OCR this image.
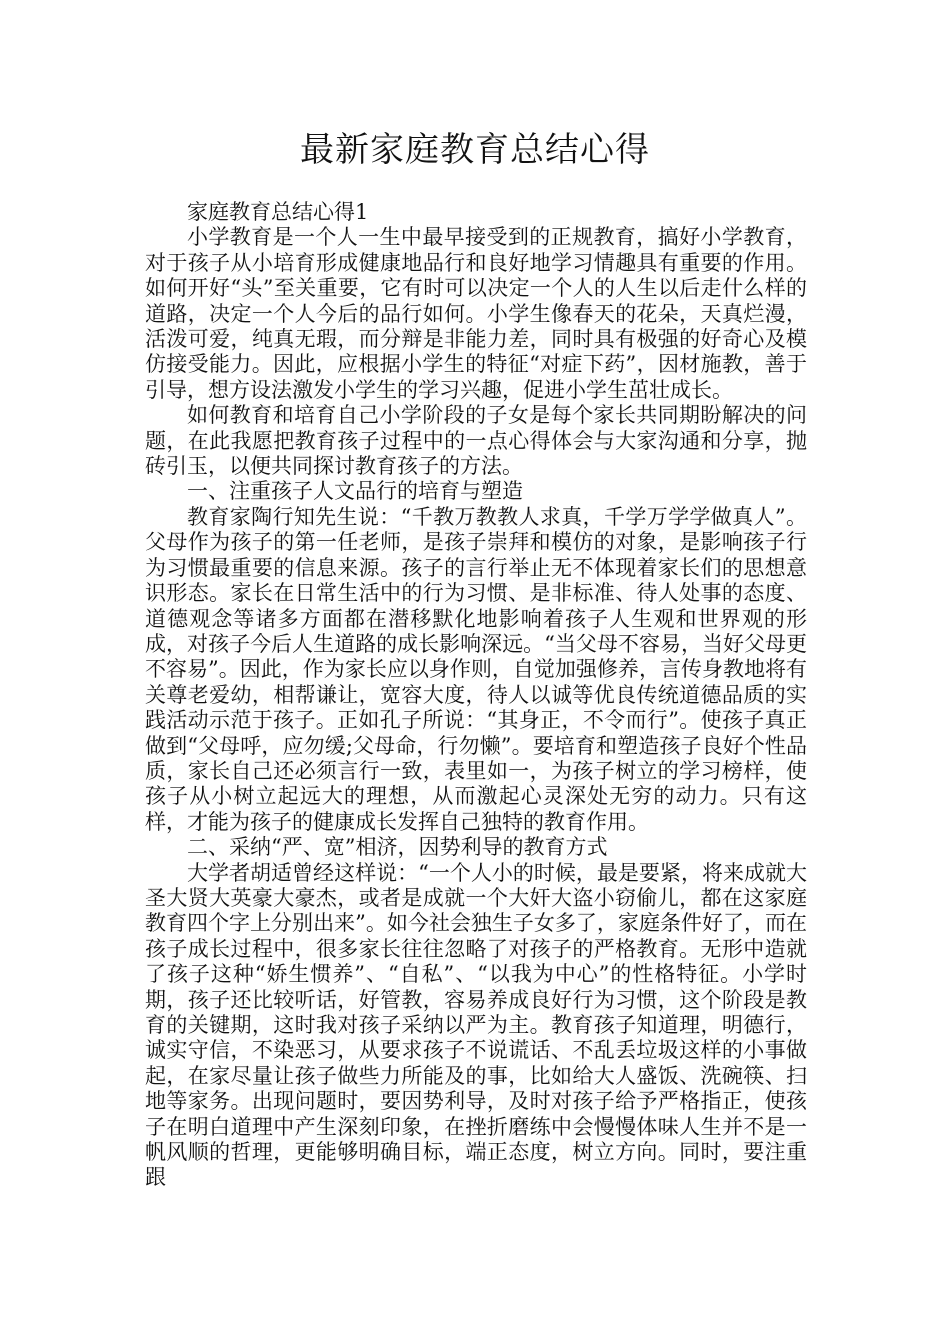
最新家庭教育总结心得

家庭教育总结心得1

小学教育是一个人一生中最早接受到的正规教育，搞好小学教育，对于孩子从小培育形成健康地品行和良好地学习情趣具有重要的作用。如何开好“头”至关重要，它有时可以决定一个人的人生以后走什么样的道路，决定一个人今后的品行如何。小学生像春天的花朵，天真烂漫，活泼可爱，纯真无瑕，而分辩是非能力差，同时具有极强的好奇心及模仿接受能力。因此，应根据小学生的特征“对症下药”，因材施教，善于引导，想方设法激发小学生的学习兴趣，促进小学生茁壮成长。

如何教育和培育自己小学阶段的子女是每个家长共同期盼解决的问题，在此我愿把教育孩子过程中的一点心得体会与大家沟通和分享，抛砖引玉，以便共同探讨教育孩子的方法。

一、注重孩子人文品行的培育与塑造

教育家陶行知先生说：“千教万教教人求真，千学万学学做真人”。父母作为孩子的第一任老师，是孩子崇拜和模仿的对象，是影响孩子行为习惯最重要的信息来源。孩子的言行举止无不体现着家长们的思想意识形态。家长在日常生活中的行为习惯、是非标准、待人处事的态度、道德观念等诸多方面都在潜移默化地影响着孩子人生观和世界观的形成，对孩子今后人生道路的成长影响深远。“当父母不容易，当好父母更不容易”。因此，作为家长应以身作则，自觉加强修养，言传身教地将有关尊老爱幼，相帮谦让，宽容大度，待人以诚等优良传统道德品质的实践活动示范于孩子。正如孔子所说：“其身正，不令而行”。使孩子真正做到“父母呼，应勿缓;父母命，行勿懒”。要培育和塑造孩子良好个性品质，家长自己还必须言行一致，表里如一，为孩子树立的学习榜样，使孩子从小树立起远大的理想，从而激起心灵深处无穷的动力。只有这样，才能为孩子的健康成长发挥自己独特的教育作用。

二、采纳“严、宽”相济，因势利导的教育方式

大学者胡适曾经这样说：“一个人小的时候，最是要紧，将来成就大圣大贤大英豪大豪杰，或者是成就一个大奸大盗小窃偷儿，都在这家庭教育四个字上分别出来”。如今社会独生子女多了，家庭条件好了，而在孩子成长过程中，很多家长往往忽略了对孩子的严格教育。无形中造就了孩子这种“娇生惯养”、“自私”、“以我为中心”的性格特征。小学时期，孩子还比较听话，好管教，容易养成良好行为习惯，这个阶段是教育的关键期，这时我对孩子采纳以严为主。教育孩子知道理，明德行，诚实守信，不染恶习，从要求孩子不说谎话、不乱丢垃圾这样的小事做起，在家尽量让孩子做些力所能及的事，比如给大人盛饭、洗碗筷、扫地等家务。出现问题时，要因势利导，及时对孩子给予严格指正，使孩子在明白道理中产生深刻印象，在挫折磨练中会慢慢体味人生并不是一帆风顺的哲理，更能够明确目标，端正态度，树立方向。同时，要注重跟
